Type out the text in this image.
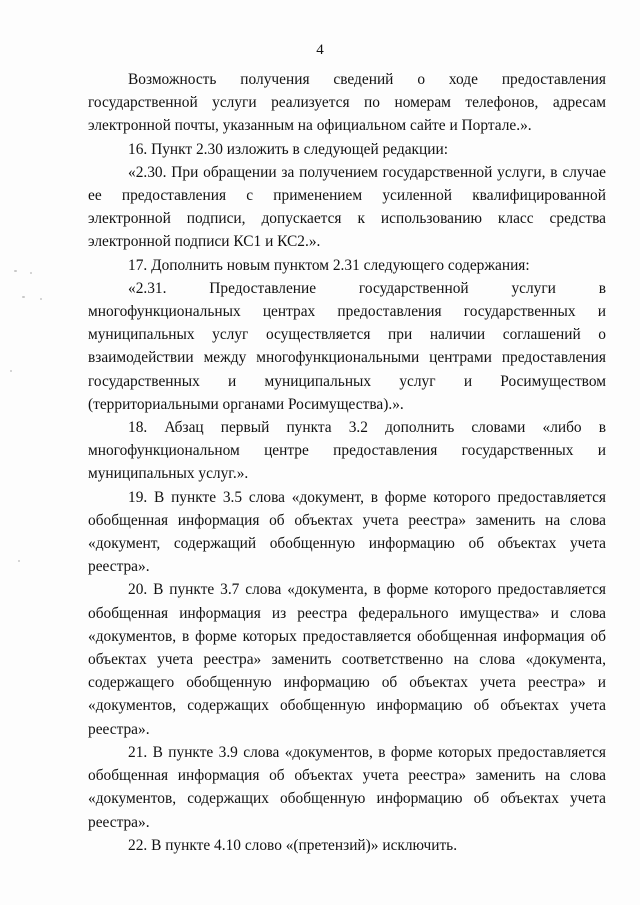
4

Возможность получения сведений о ходе предоставления государственной услуги реализуется по номерам телефонов, адресам электронной почты, указанным на официальном сайте и Портале.».

16. Пункт 2.30 изложить в следующей редакции:

«2.30. При обращении за получением государственной услуги, в случае ее предоставления с применением усиленной квалифицированной электронной подписи, допускается к использованию класс средства электронной подписи КС1 и КС2.».

17. Дополнить новым пунктом 2.31 следующего содержания:

«2.31. Предоставление государственной услуги в многофункциональных центрах предоставления государственных и муниципальных услуг осуществляется при наличии соглашений о взаимодействии между многофункциональными центрами предоставления государственных и муниципальных услуг и Росимуществом (территориальными органами Росимущества).».

18. Абзац первый пункта 3.2 дополнить словами «либо в многофункциональном центре предоставления государственных и муниципальных услуг.».

19. В пункте 3.5 слова «документ, в форме которого предоставляется обобщенная информация об объектах учета реестра» заменить на слова «документ, содержащий обобщенную информацию об объектах учета реестра».

20. В пункте 3.7 слова «документа, в форме которого предоставляется обобщенная информация из реестра федерального имущества» и слова «документов, в форме которых предоставляется обобщенная информация об объектах учета реестра» заменить соответственно на слова «документа, содержащего обобщенную информацию об объектах учета реестра» и «документов, содержащих обобщенную информацию об объектах учета реестра».

21. В пункте 3.9 слова «документов, в форме которых предоставляется обобщенная информация об объектах учета реестра» заменить на слова «документов, содержащих обобщенную информацию об объектах учета реестра».

22. В пункте 4.10 слово «(претензий)» исключить.
